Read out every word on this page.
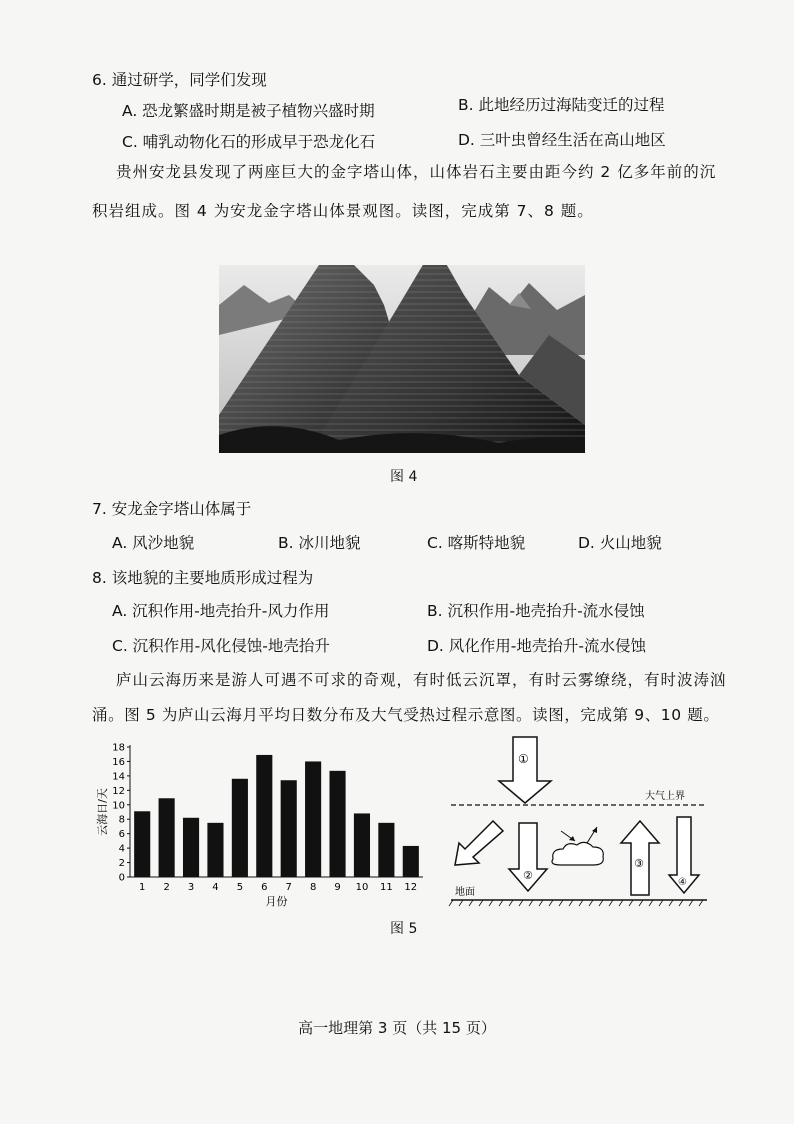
6. 通过研学，同学们发现
A. 恐龙繁盛时期是被子植物兴盛时期	B. 此地经历过海陆变迁的过程
C. 哺乳动物化石的形成早于恐龙化石	D. 三叶虫曾经生活在高山地区
贵州安龙县发现了两座巨大的金字塔山体，山体岩石主要由距今约 2 亿多年前的沉
积岩组成。图 4 为安龙金字塔山体景观图。读图，完成第 7、8 题。
图 4
7. 安龙金字塔山体属于
A. 风沙地貌	B. 冰川地貌	C. 喀斯特地貌	D. 火山地貌
8. 该地貌的主要地质形成过程为
A. 沉积作用-地壳抬升-风力作用	B. 沉积作用-地壳抬升-流水侵蚀
C. 沉积作用-风化侵蚀-地壳抬升	D. 风化作用-地壳抬升-流水侵蚀
庐山云海历来是游人可遇不可求的奇观，有时低云沉罩，有时云雾缭绕，有时波涛汹
涌。图 5 为庐山云海月平均日数分布及大气受热过程示意图。读图，完成第 9、10 题。
0
2
4
6
8
10
12
14
16
18
1 2 3 4 5 6 7 8 9 10 11 12
月份
云海日/天	大气上界
地面
①
②
③
④
图 5
高一地理第 3 页（共 15 页）
